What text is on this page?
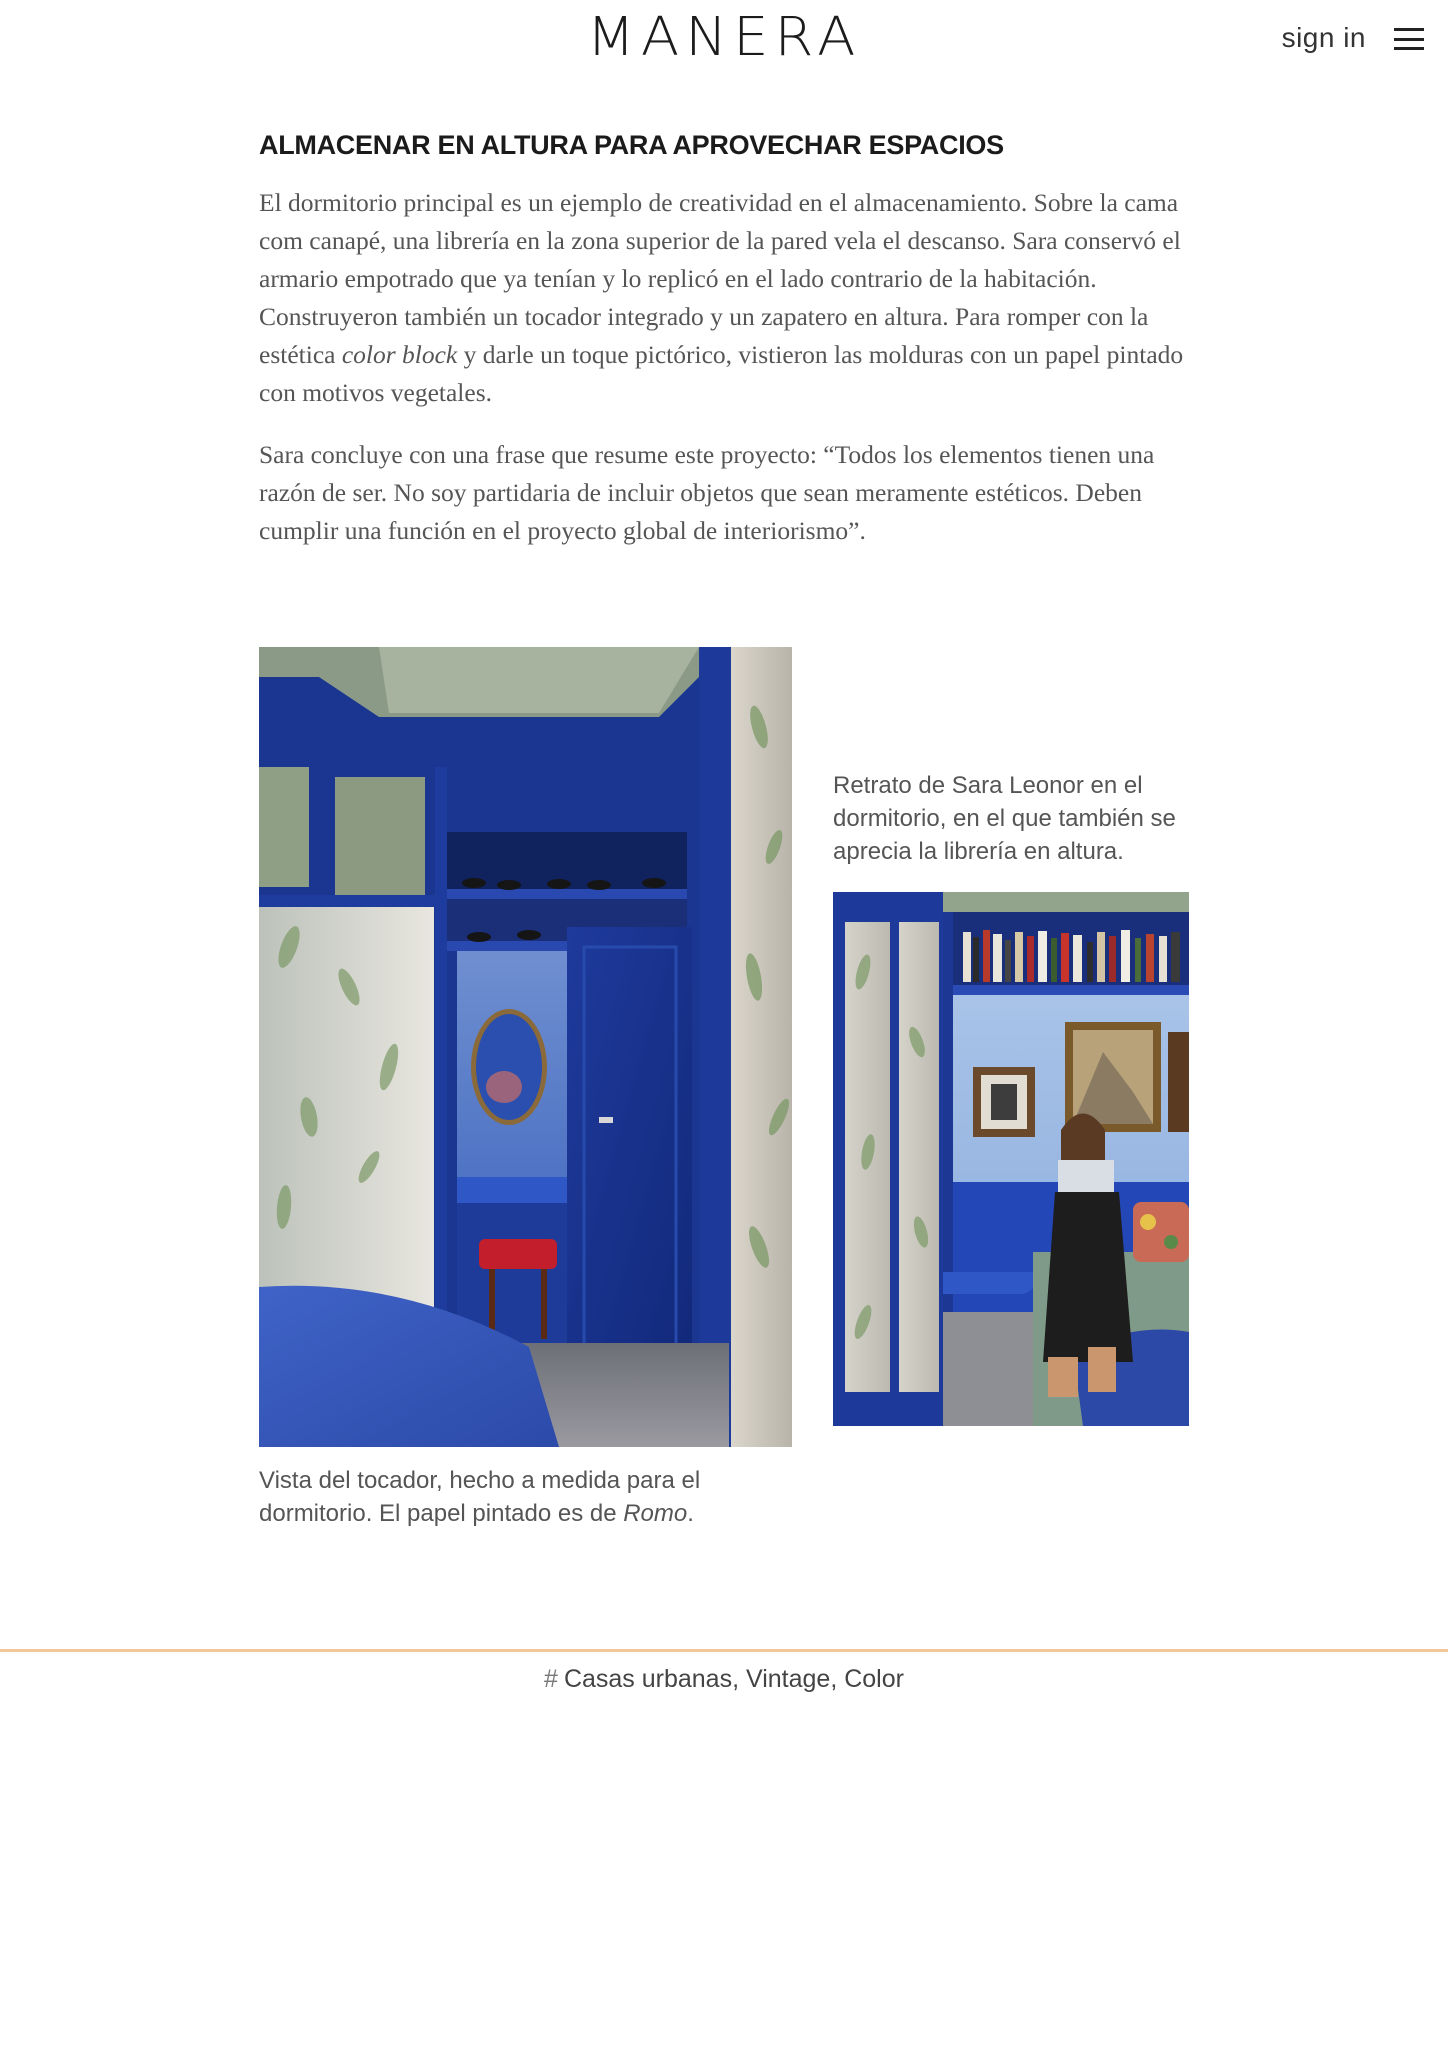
MANERA	sign in
ALMACENAR EN ALTURA PARA APROVECHAR ESPACIOS

El dormitorio principal es un ejemplo de creatividad en el almacenamiento. Sobre la cama com canapé, una librería en la zona superior de la pared vela el descanso. Sara conservó el armario empotrado que ya tenían y lo replicó en el lado contrario de la habitación. Construyeron también un tocador integrado y un zapatero en altura. Para romper con la estética color block y darle un toque pictórico, vistieron las molduras con un papel pintado con motivos vegetales.

Sara concluye con una frase que resume este proyecto: “Todos los elementos tienen una razón de ser. No soy partidaria de incluir objetos que sean meramente estéticos. Deben cumplir una función en el proyecto global de interiorismo”.

Vista del tocador, hecho a medida para el dormitorio. El papel pintado es de Romo.
Retrato de Sara Leonor en el dormitorio, en el que también se aprecia la librería en altura.
# Casas urbanas, Vintage, Color
